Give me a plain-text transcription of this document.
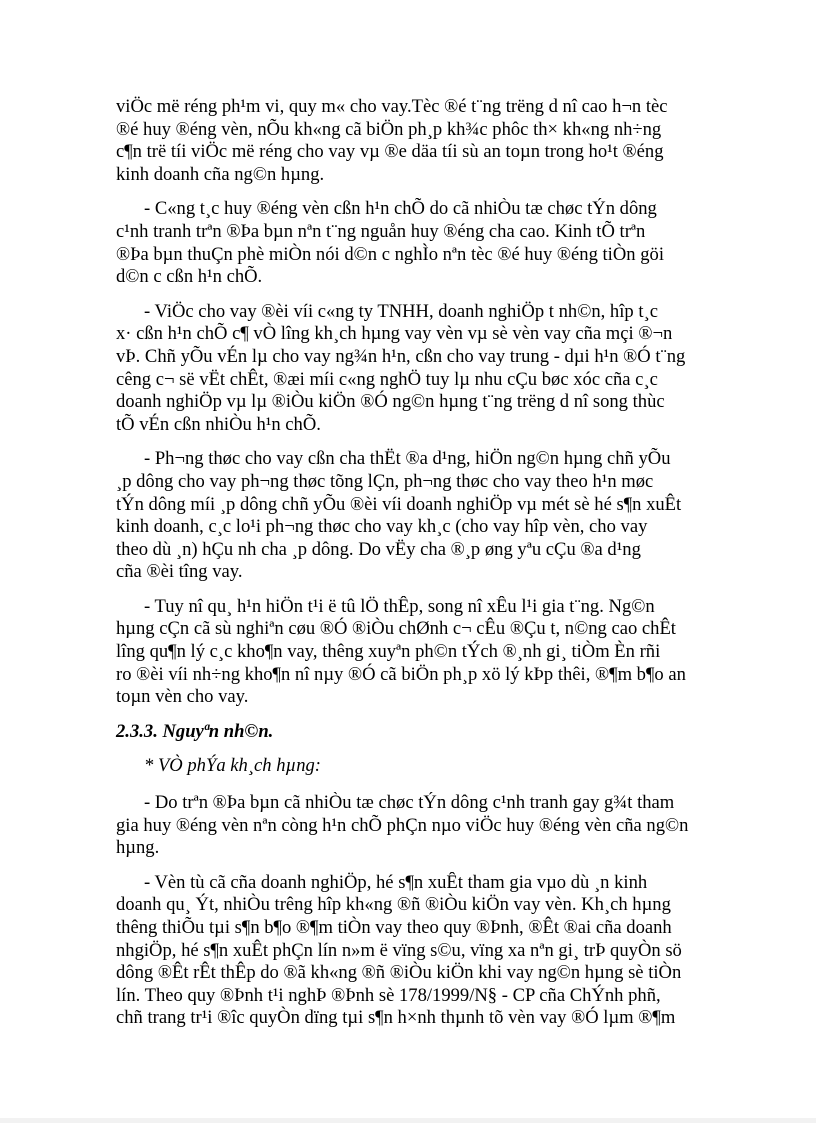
viÖc më réng ph¹m vi, quy m« cho vay.Tèc ®é t¨ng trëng d nî cao h¬n tèc
®é huy ®éng vèn, nÕu kh«ng cã biÖn ph¸p kh¾c phôc th× kh«ng nh÷ng
c¶n trë tíi viÖc më réng cho vay vµ ®e däa tíi sù an toµn trong ho¹t ®éng
kinh doanh cña ng©n hµng.
- C«ng t¸c huy ®éng vèn cßn h¹n chÕ do cã nhiÒu tæ chøc tÝn dông
c¹nh tranh trªn ®Þa bµn nªn t¨ng nguån huy ®éng cha cao. Kinh tÕ trªn
®Þa bµn thuÇn phè miÒn nói d©n c nghÌo nªn tèc ®é huy ®éng tiÒn göi
d©n c cßn h¹n chÕ.
- ViÖc cho vay ®èi víi c«ng ty TNHH, doanh nghiÖp t nh©n, hîp t¸c
x· cßn h¹n chÕ c¶ vÒ lîng kh¸ch hµng vay vèn vµ sè vèn vay cña mçi ®¬n
vÞ. Chñ yÕu vÉn lµ cho vay ng¾n h¹n, cßn cho vay trung - dµi h¹n ®Ó t¨ng
cêng c¬ së vËt chÊt, ®æi míi c«ng nghÖ tuy lµ nhu cÇu bøc xóc cña c¸c
doanh nghiÖp vµ lµ ®iÒu kiÖn ®Ó ng©n hµng t¨ng trëng d nî song thùc
tÕ vÉn cßn nhiÒu h¹n chÕ.
- Ph¬ng thøc cho vay cßn cha thËt ®a d¹ng, hiÖn ng©n hµng chñ yÕu
¸p dông cho vay ph¬ng thøc tõng lÇn, ph¬ng thøc cho vay theo h¹n møc
tÝn dông míi ¸p dông chñ yÕu ®èi víi doanh nghiÖp vµ mét sè hé s¶n xuÊt
kinh doanh, c¸c lo¹i ph¬ng thøc cho vay kh¸c (cho vay hîp vèn, cho vay
theo dù ¸n) hÇu nh cha ¸p dông. Do vËy cha ®¸p øng yªu cÇu ®a d¹ng
cña ®èi tîng vay.
- Tuy nî qu¸ h¹n hiÖn t¹i ë tû lÖ thÊp, song nî xÊu l¹i gia t¨ng. Ng©n
hµng cÇn cã sù nghiªn cøu ®Ó ®iÒu chØnh c¬ cÊu ®Çu t, n©ng cao chÊt
lîng qu¶n lý c¸c kho¶n vay, thêng xuyªn ph©n tÝch ®¸nh gi¸ tiÒm Èn rñi
ro ®èi víi nh÷ng kho¶n nî nµy ®Ó cã biÖn ph¸p xö lý kÞp thêi, ®¶m b¶o an
toµn vèn cho vay.
2.3.3. Nguyªn nh©n.
* VÒ phÝa kh¸ch hµng:
- Do trªn ®Þa bµn cã nhiÒu tæ chøc tÝn dông c¹nh tranh gay g¾t tham
gia huy ®éng vèn nªn còng h¹n chÕ phÇn nµo viÖc huy ®éng vèn cña ng©n
hµng.
- Vèn tù cã cña doanh nghiÖp, hé s¶n xuÊt tham gia vµo dù ¸n kinh
doanh qu¸ Ýt, nhiÒu trêng hîp kh«ng ®ñ ®iÒu kiÖn vay vèn. Kh¸ch hµng
thêng thiÕu tµi s¶n b¶o ®¶m tiÒn vay theo quy ®Þnh, ®Êt ®ai cña doanh
nhgiÖp, hé s¶n xuÊt phÇn lín n»m ë vïng s©u, vïng xa nªn gi¸ trÞ quyÒn sö
dông ®Êt rÊt thÊp do ®ã kh«ng ®ñ ®iÒu kiÖn khi vay ng©n hµng sè tiÒn
lín. Theo quy ®Þnh t¹i nghÞ ®Þnh sè 178/1999/N§ - CP cña ChÝnh phñ,
chñ trang tr¹i ®îc quyÒn dïng tµi s¶n h×nh thµnh tõ vèn vay ®Ó lµm ®¶m
